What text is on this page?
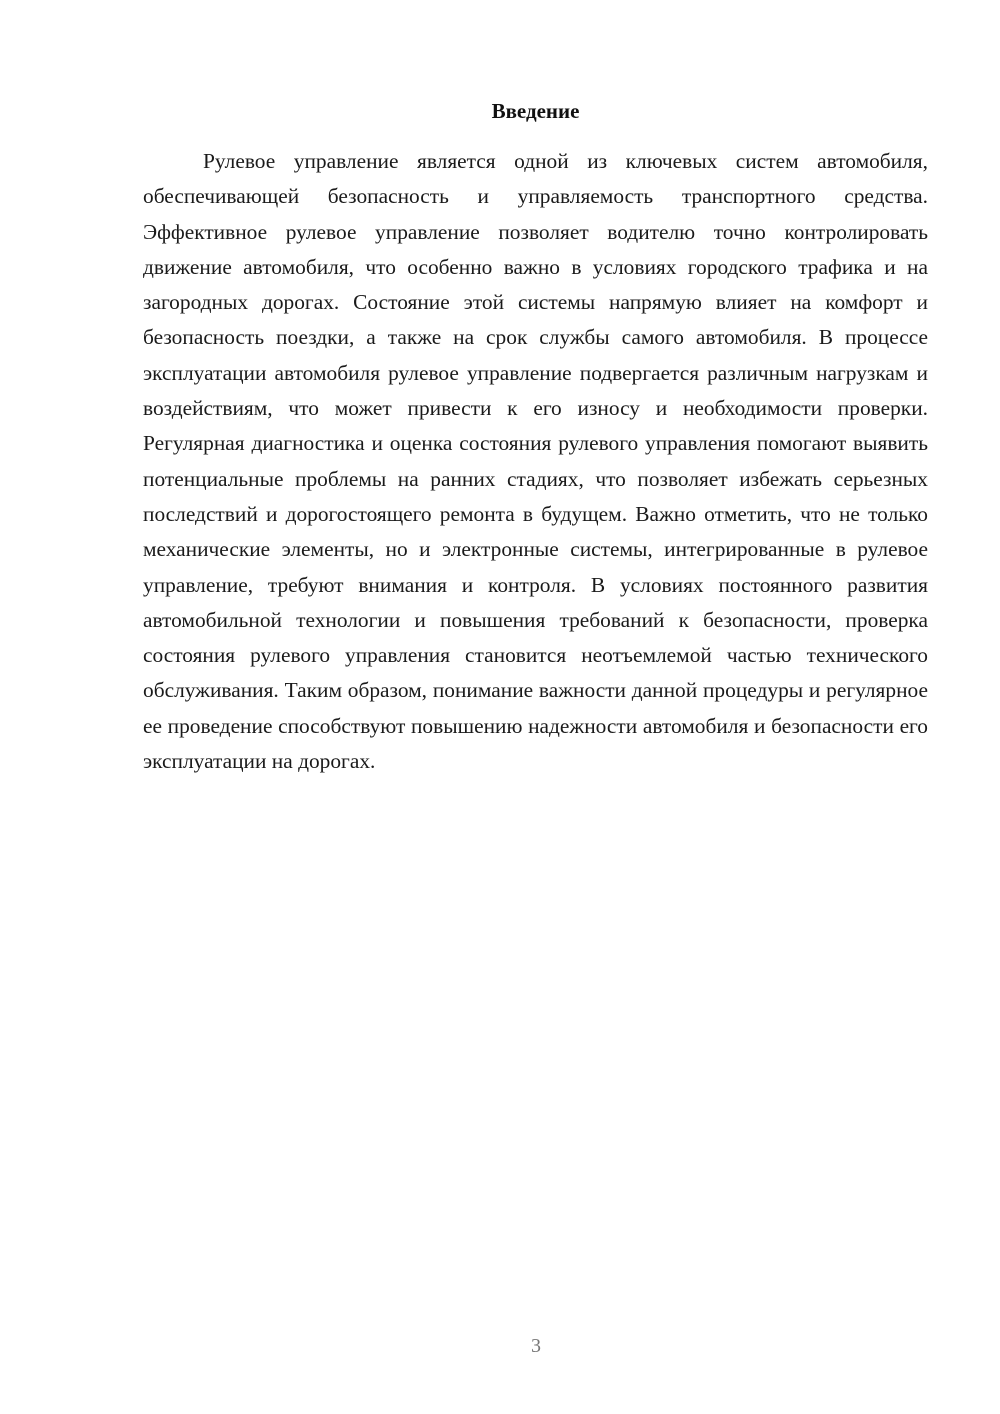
Введение

Рулевое управление является одной из ключевых систем автомобиля, обеспечивающей безопасность и управляемость транспортного средства. Эффективное рулевое управление позволяет водителю точно контролировать движение автомобиля, что особенно важно в условиях городского трафика и на загородных дорогах. Состояние этой системы напрямую влияет на комфорт и безопасность поездки, а также на срок службы самого автомобиля. В процессе эксплуатации автомобиля рулевое управление подвергается различным нагрузкам и воздействиям, что может привести к его износу и необходимости проверки. Регулярная диагностика и оценка состояния рулевого управления помогают выявить потенциальные проблемы на ранних стадиях, что позволяет избежать серьезных последствий и дорогостоящего ремонта в будущем. Важно отметить, что не только механические элементы, но и электронные системы, интегрированные в рулевое управление, требуют внимания и контроля. В условиях постоянного развития автомобильной технологии и повышения требований к безопасности, проверка состояния рулевого управления становится неотъемлемой частью технического обслуживания. Таким образом, понимание важности данной процедуры и регулярное ее проведение способствуют повышению надежности автомобиля и безопасности его эксплуатации на дорогах.

3
